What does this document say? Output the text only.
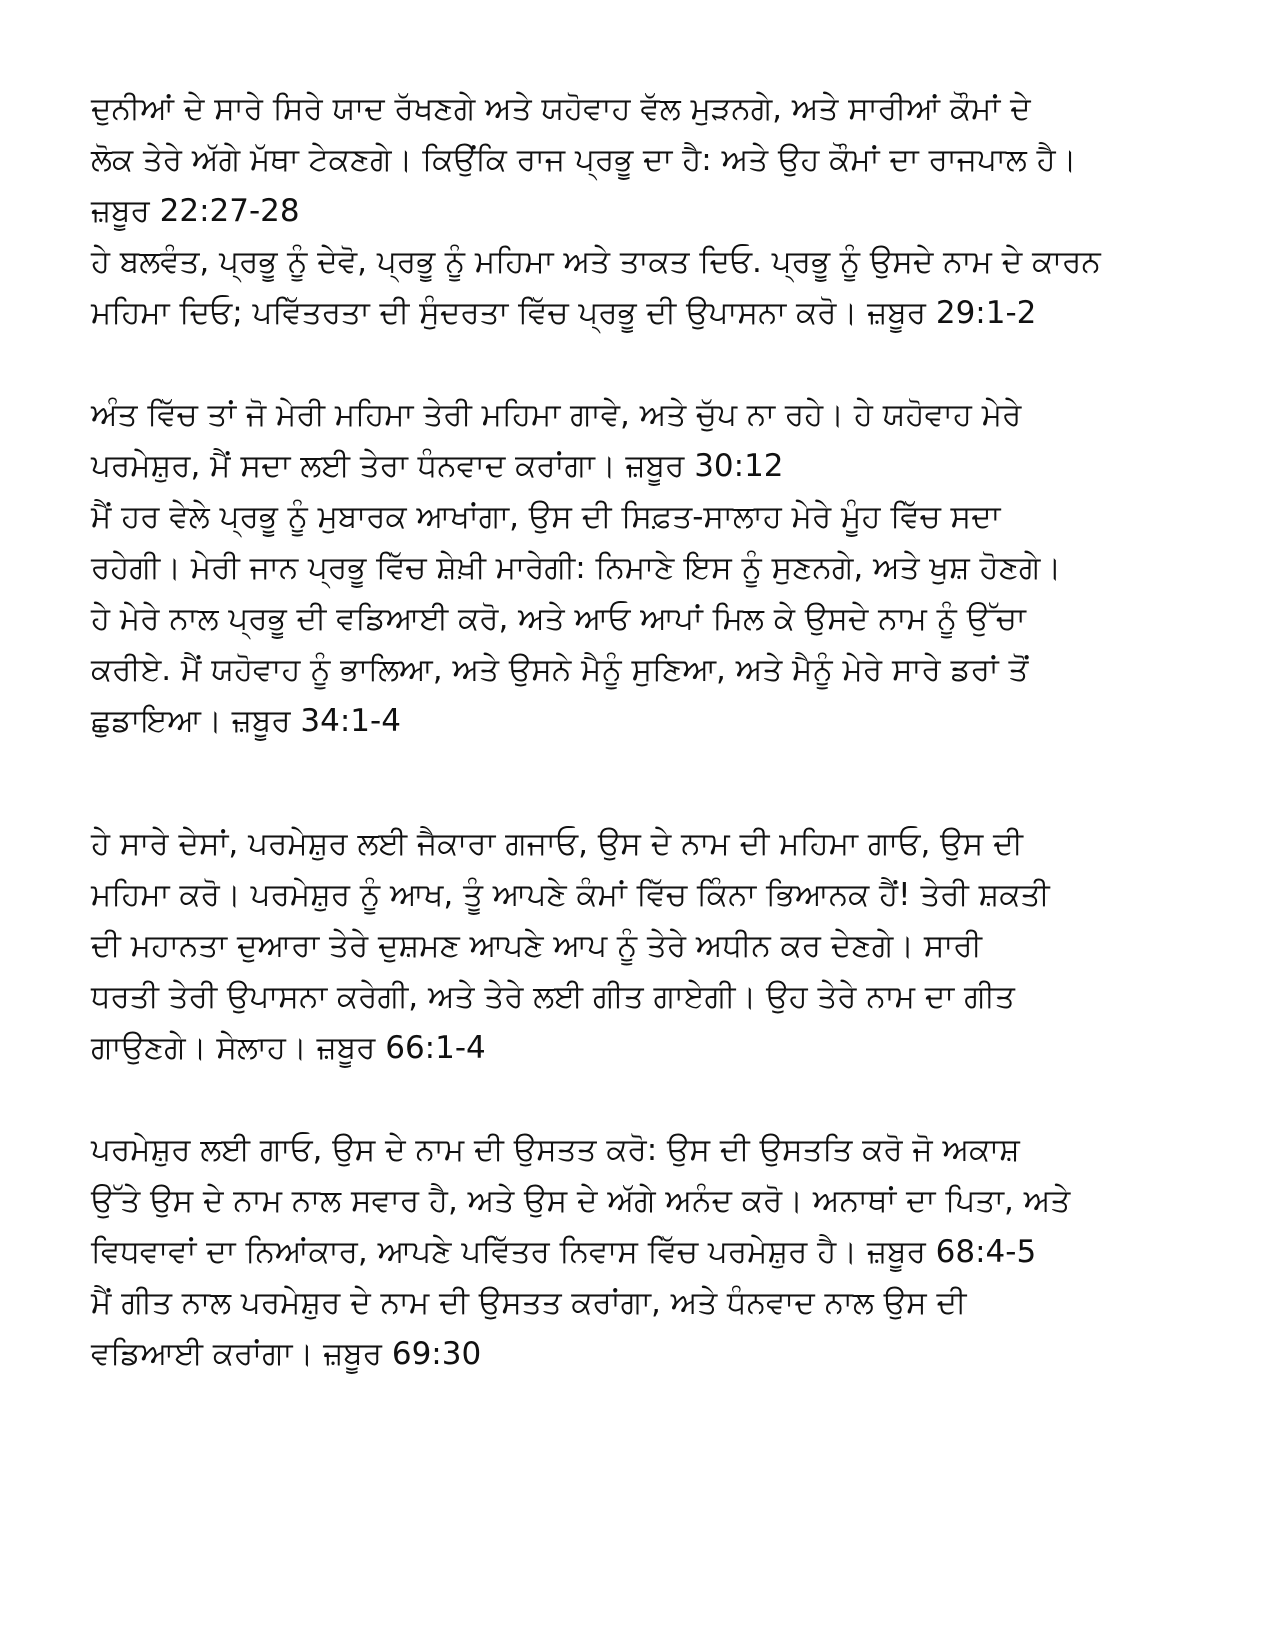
ਦੁਨੀਆਂ ਦੇ ਸਾਰੇ ਸਿਰੇ ਯਾਦ ਰੱਖਣਗੇ ਅਤੇ ਯਹੋਵਾਹ ਵੱਲ ਮੁੜਨਗੇ, ਅਤੇ ਸਾਰੀਆਂ ਕੌਮਾਂ ਦੇ
ਲੋਕ ਤੇਰੇ ਅੱਗੇ ਮੱਥਾ ਟੇਕਣਗੇ। ਕਿਉਂਕਿ ਰਾਜ ਪ੍ਰਭੂ ਦਾ ਹੈ: ਅਤੇ ਉਹ ਕੌਮਾਂ ਦਾ ਰਾਜਪਾਲ ਹੈ।
ਜ਼ਬੂਰ 22:27-28
ਹੇ ਬਲਵੰਤ, ਪ੍ਰਭੂ ਨੂੰ ਦੇਵੋ, ਪ੍ਰਭੂ ਨੂੰ ਮਹਿਮਾ ਅਤੇ ਤਾਕਤ ਦਿਓ. ਪ੍ਰਭੂ ਨੂੰ ਉਸਦੇ ਨਾਮ ਦੇ ਕਾਰਨ
ਮਹਿਮਾ ਦਿਓ; ਪਵਿੱਤਰਤਾ ਦੀ ਸੁੰਦਰਤਾ ਵਿੱਚ ਪ੍ਰਭੂ ਦੀ ਉਪਾਸਨਾ ਕਰੋ। ਜ਼ਬੂਰ 29:1-2
ਅੰਤ ਵਿੱਚ ਤਾਂ ਜੋ ਮੇਰੀ ਮਹਿਮਾ ਤੇਰੀ ਮਹਿਮਾ ਗਾਵੇ, ਅਤੇ ਚੁੱਪ ਨਾ ਰਹੇ। ਹੇ ਯਹੋਵਾਹ ਮੇਰੇ
ਪਰਮੇਸ਼ੁਰ, ਮੈਂ ਸਦਾ ਲਈ ਤੇਰਾ ਧੰਨਵਾਦ ਕਰਾਂਗਾ। ਜ਼ਬੂਰ 30:12
ਮੈਂ ਹਰ ਵੇਲੇ ਪ੍ਰਭੂ ਨੂੰ ਮੁਬਾਰਕ ਆਖਾਂਗਾ, ਉਸ ਦੀ ਸਿਫ਼ਤ-ਸਾਲਾਹ ਮੇਰੇ ਮੂੰਹ ਵਿੱਚ ਸਦਾ
ਰਹੇਗੀ। ਮੇਰੀ ਜਾਨ ਪ੍ਰਭੂ ਵਿੱਚ ਸ਼ੇਖ਼ੀ ਮਾਰੇਗੀ: ਨਿਮਾਣੇ ਇਸ ਨੂੰ ਸੁਣਨਗੇ, ਅਤੇ ਖੁਸ਼ ਹੋਣਗੇ।
ਹੇ ਮੇਰੇ ਨਾਲ ਪ੍ਰਭੂ ਦੀ ਵਡਿਆਈ ਕਰੋ, ਅਤੇ ਆਓ ਆਪਾਂ ਮਿਲ ਕੇ ਉਸਦੇ ਨਾਮ ਨੂੰ ਉੱਚਾ
ਕਰੀਏ. ਮੈਂ ਯਹੋਵਾਹ ਨੂੰ ਭਾਲਿਆ, ਅਤੇ ਉਸਨੇ ਮੈਨੂੰ ਸੁਣਿਆ, ਅਤੇ ਮੈਨੂੰ ਮੇਰੇ ਸਾਰੇ ਡਰਾਂ ਤੋਂ
ਛੁਡਾਇਆ। ਜ਼ਬੂਰ 34:1-4
ਹੇ ਸਾਰੇ ਦੇਸਾਂ, ਪਰਮੇਸ਼ੁਰ ਲਈ ਜੈਕਾਰਾ ਗਜਾਓ, ਉਸ ਦੇ ਨਾਮ ਦੀ ਮਹਿਮਾ ਗਾਓ, ਉਸ ਦੀ
ਮਹਿਮਾ ਕਰੋ। ਪਰਮੇਸ਼ੁਰ ਨੂੰ ਆਖ, ਤੂੰ ਆਪਣੇ ਕੰਮਾਂ ਵਿੱਚ ਕਿੰਨਾ ਭਿਆਨਕ ਹੈਂ! ਤੇਰੀ ਸ਼ਕਤੀ
ਦੀ ਮਹਾਨਤਾ ਦੁਆਰਾ ਤੇਰੇ ਦੁਸ਼ਮਣ ਆਪਣੇ ਆਪ ਨੂੰ ਤੇਰੇ ਅਧੀਨ ਕਰ ਦੇਣਗੇ। ਸਾਰੀ
ਧਰਤੀ ਤੇਰੀ ਉਪਾਸਨਾ ਕਰੇਗੀ, ਅਤੇ ਤੇਰੇ ਲਈ ਗੀਤ ਗਾਏਗੀ। ਉਹ ਤੇਰੇ ਨਾਮ ਦਾ ਗੀਤ
ਗਾਉਣਗੇ। ਸੇਲਾਹ। ਜ਼ਬੂਰ 66:1-4
ਪਰਮੇਸ਼ੁਰ ਲਈ ਗਾਓ, ਉਸ ਦੇ ਨਾਮ ਦੀ ਉਸਤਤ ਕਰੋ: ਉਸ ਦੀ ਉਸਤਤਿ ਕਰੋ ਜੋ ਅਕਾਸ਼
ਉੱਤੇ ਉਸ ਦੇ ਨਾਮ ਨਾਲ ਸਵਾਰ ਹੈ, ਅਤੇ ਉਸ ਦੇ ਅੱਗੇ ਅਨੰਦ ਕਰੋ। ਅਨਾਥਾਂ ਦਾ ਪਿਤਾ, ਅਤੇ
ਵਿਧਵਾਵਾਂ ਦਾ ਨਿਆਂਕਾਰ, ਆਪਣੇ ਪਵਿੱਤਰ ਨਿਵਾਸ ਵਿੱਚ ਪਰਮੇਸ਼ੁਰ ਹੈ। ਜ਼ਬੂਰ 68:4-5
ਮੈਂ ਗੀਤ ਨਾਲ ਪਰਮੇਸ਼ੁਰ ਦੇ ਨਾਮ ਦੀ ਉਸਤਤ ਕਰਾਂਗਾ, ਅਤੇ ਧੰਨਵਾਦ ਨਾਲ ਉਸ ਦੀ
ਵਡਿਆਈ ਕਰਾਂਗਾ। ਜ਼ਬੂਰ 69:30
